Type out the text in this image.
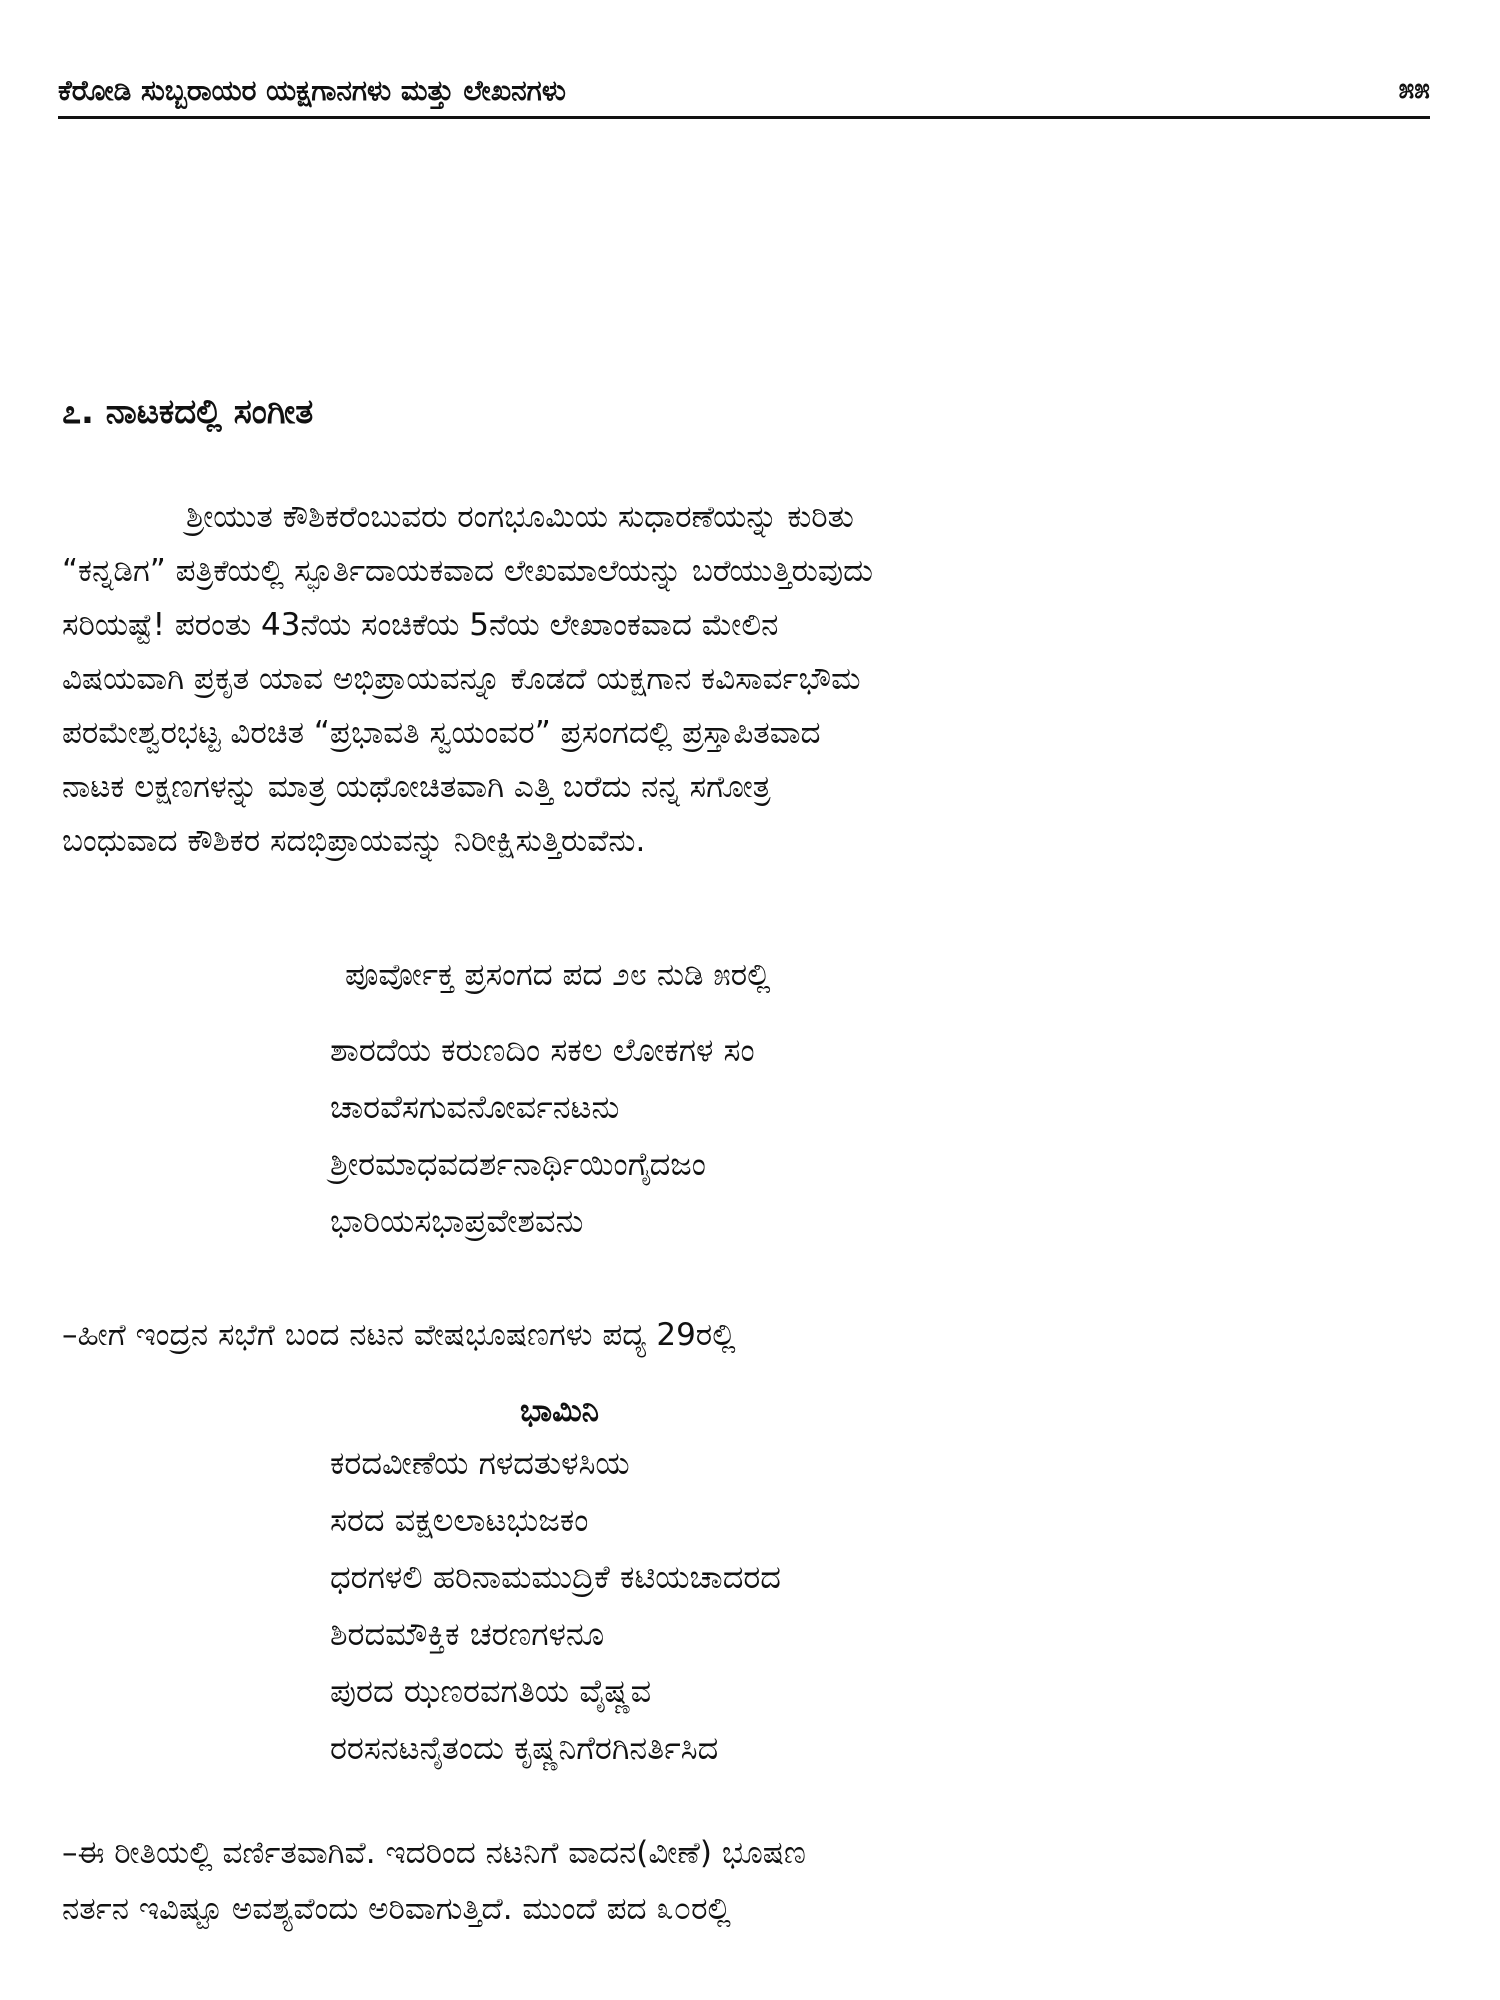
ಕೆರೋಡಿ ಸುಬ್ಬರಾಯರ ಯಕ್ಷಗಾನಗಳು ಮತ್ತು ಲೇಖನಗಳು	೫೫
೭. ನಾಟಕದಲ್ಲಿ ಸಂಗೀತ
ಶ್ರೀಯುತ ಕೌಶಿಕರೆಂಬುವರು ರಂಗಭೂಮಿಯ ಸುಧಾರಣೆಯನ್ನು ಕುರಿತು
“ಕನ್ನಡಿಗ” ಪತ್ರಿಕೆಯಲ್ಲಿ ಸ್ಫೂರ್ತಿದಾಯಕವಾದ ಲೇಖಮಾಲೆಯನ್ನು ಬರೆಯುತ್ತಿರುವುದು
ಸರಿಯಷ್ಟೆ! ಪರಂತು 43ನೆಯ ಸಂಚಿಕೆಯ 5ನೆಯ ಲೇಖಾಂಕವಾದ ಮೇಲಿನ
ವಿಷಯವಾಗಿ ಪ್ರಕೃತ ಯಾವ ಅಭಿಪ್ರಾಯವನ್ನೂ ಕೊಡದೆ ಯಕ್ಷಗಾನ ಕವಿಸಾರ್ವಭೌಮ
ಪರಮೇಶ್ವರಭಟ್ಟ ವಿರಚಿತ “ಪ್ರಭಾವತಿ ಸ್ವಯಂವರ” ಪ್ರಸಂಗದಲ್ಲಿ ಪ್ರಸ್ತಾಪಿತವಾದ
ನಾಟಕ ಲಕ್ಷಣಗಳನ್ನು ಮಾತ್ರ ಯಥೋಚಿತವಾಗಿ ಎತ್ತಿ ಬರೆದು ನನ್ನ ಸಗೋತ್ರ
ಬಂಧುವಾದ ಕೌಶಿಕರ ಸದಭಿಪ್ರಾಯವನ್ನು ನಿರೀಕ್ಷಿಸುತ್ತಿರುವೆನು.
ಪೂರ್ವೋಕ್ತ ಪ್ರಸಂಗದ ಪದ ೨೮ ನುಡಿ ೫ರಲ್ಲಿ
ಶಾರದೆಯ ಕರುಣದಿಂ ಸಕಲ ಲೋಕಗಳ ಸಂ
ಚಾರವೆಸಗುವನೋರ್ವನಟನು
ಶ್ರೀರಮಾಧವದರ್ಶನಾರ್ಥಿಯಿಂಗೈದಜಂ
ಭಾರಿಯಸಭಾಪ್ರವೇಶವನು
–ಹೀಗೆ ಇಂದ್ರನ ಸಭೆಗೆ ಬಂದ ನಟನ ವೇಷಭೂಷಣಗಳು ಪದ್ಯ 29ರಲ್ಲಿ
ಭಾಮಿನಿ
ಕರದವೀಣೆಯ ಗಳದತುಳಸಿಯ
ಸರದ ವಕ್ಷಲಲಾಟಭುಜಕಂ
ಧರಗಳಲಿ ಹರಿನಾಮಮುದ್ರಿಕೆ ಕಟಿಯಚಾದರದ
ಶಿರದಮೌಕ್ತಿಕ ಚರಣಗಳನೂ
ಪುರದ ಝಣರವಗತಿಯ ವೈಷ್ಣವ
ರರಸನಟನೈತಂದು ಕೃಷ್ಣನಿಗೆರಗಿನರ್ತಿಸಿದ
–ಈ ರೀತಿಯಲ್ಲಿ ವರ್ಣಿತವಾಗಿವೆ. ಇದರಿಂದ ನಟನಿಗೆ ವಾದನ(ವೀಣೆ) ಭೂಷಣ
ನರ್ತನ ಇವಿಷ್ಟೂ ಅವಶ್ಯವೆಂದು ಅರಿವಾಗುತ್ತಿದೆ. ಮುಂದೆ ಪದ ೩೦ರಲ್ಲಿ
